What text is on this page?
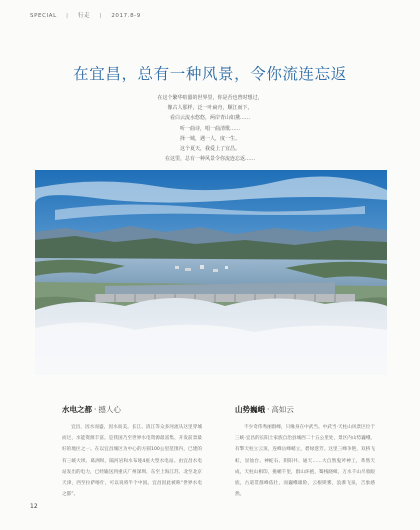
SPECIAL | 行走 | 2017.8-9
在宜昌，总有一种风景，令你流连忘返
在这个繁华喧嚣的世界里，你是否也曾时想过，
像古人那样，泛一叶扁舟，顺江而下，
看白云流水悠悠，两岸青山如黛……
听一曲诗，唱一曲清歌……
择一城，遇一人，度一生。
这个夏天，我爱上了宜昌。
在这里，总有一种风景令你流连忘返……
水电之都 · 撼人心

宜昌，因水而盛，因水而美。长江、清江等众多河流从这里穿城而过，水能资源丰富。是我国乃至世界水电资源最富集、开发前景最好的地区之一。在以宜昌城区为中心的方圆100公里范围内，已建的有三峡大坝、葛洲坝、隔河岩和水布垭4座大型水电站。由宜昌水电站发出的电力，已经输送到重庆广州深圳、东至上海江苏，北至北京天津，西至拉萨喀什，可以说将半个中国。宜昌因此被称“世界水电之都”。

山势巍峨 · 高如云

不少奇伟秀丽群峰，只缘身在中武当。中武当·天柱山风景区位于三峡·宜昌的长阳土家族自治县城西二十五公里处，景区内山势巍峨，有擎天柱立云顶，连峰岳峰峭立，碧绿葱芳。这里三峰争艳，双桥飞虹，显仙台、神蛇石、阴阳井、通天……大自然鬼斧神工，革然天成，天柱山相印，挑嵋千里，群山环抱，蜀栈晓嶂，万水千山尽收眼底，古道贯群峰依壮，而巍峨雄险，云根锁雾，浪瀑飞泉，吉象感然。

12
